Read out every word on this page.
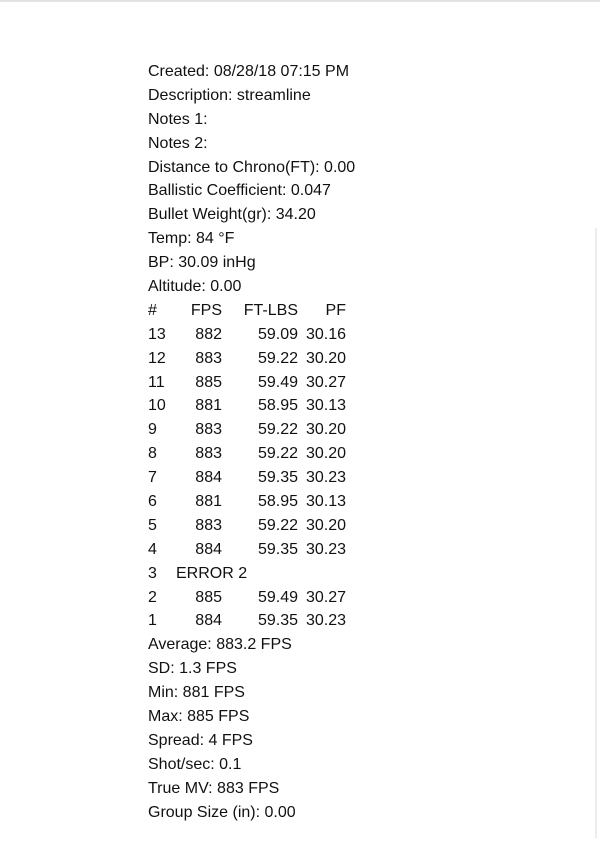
Created: 08/28/18 07:15 PM
Description: streamline
Notes 1:
Notes 2:
Distance to Chrono(FT): 0.00
Ballistic Coefficient: 0.047
Bullet Weight(gr): 34.20
Temp: 84 °F
BP: 30.09 inHg
Altitude: 0.00
#	FPS	FT-LBS	PF
13	882	59.09 30.16
12	883	59.22 30.20
11	885	59.49 30.27
10	881	58.95 30.13
9	883	59.22 30.20
8	883	59.22 30.20
7	884	59.35 30.23
6	881	58.95 30.13
5	883	59.22 30.20
4	884	59.35 30.23
3	ERROR 2
2	885	59.49 30.27
1	884	59.35 30.23
Average: 883.2 FPS
SD: 1.3 FPS
Min: 881 FPS
Max: 885 FPS
Spread: 4 FPS
Shot/sec: 0.1
True MV: 883 FPS
Group Size (in): 0.00
